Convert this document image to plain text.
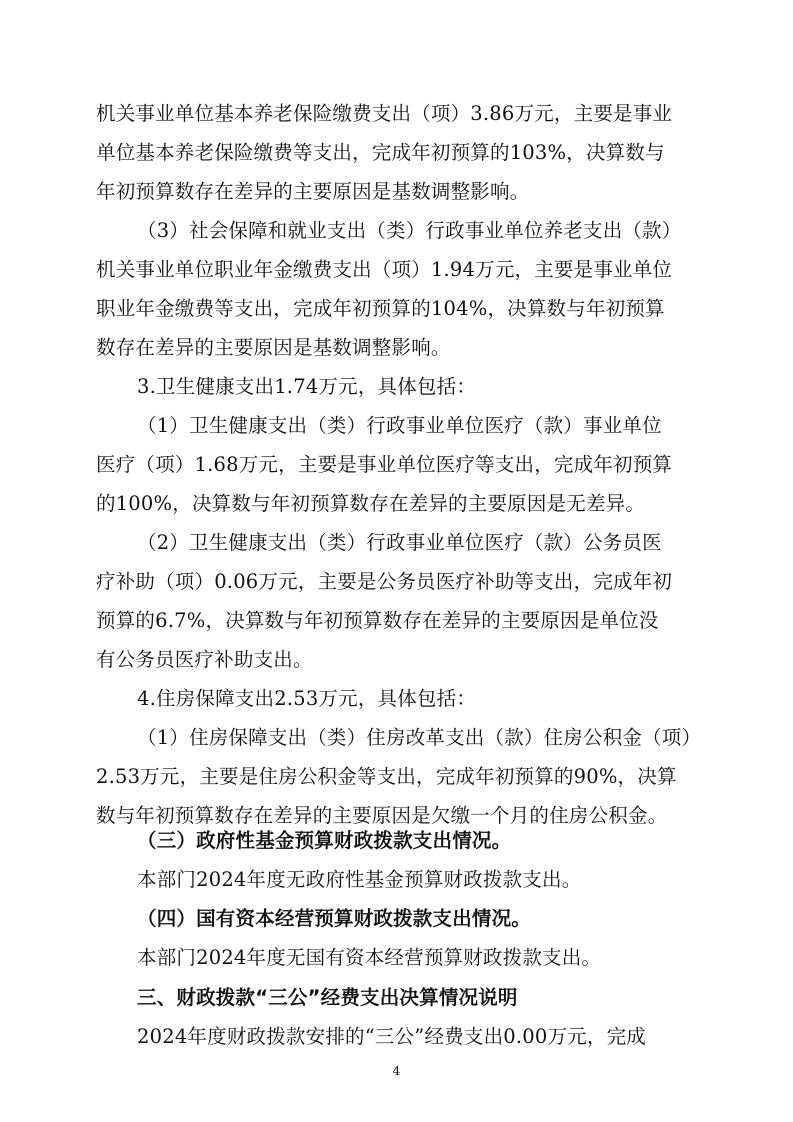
机关事业单位基本养老保险缴费支出（项）3.86万元，主要是事业
单位基本养老保险缴费等支出，完成年初预算的103%，决算数与
年初预算数存在差异的主要原因是基数调整影响。
（3）社会保障和就业支出（类）行政事业单位养老支出（款）
机关事业单位职业年金缴费支出（项）1.94万元，主要是事业单位
职业年金缴费等支出，完成年初预算的104%，决算数与年初预算
数存在差异的主要原因是基数调整影响。
3.卫生健康支出1.74万元，具体包括：
（1）卫生健康支出（类）行政事业单位医疗（款）事业单位
医疗（项）1.68万元，主要是事业单位医疗等支出，完成年初预算
的100%，决算数与年初预算数存在差异的主要原因是无差异。
（2）卫生健康支出（类）行政事业单位医疗（款）公务员医
疗补助（项）0.06万元，主要是公务员医疗补助等支出，完成年初
预算的6.7%，决算数与年初预算数存在差异的主要原因是单位没
有公务员医疗补助支出。
4.住房保障支出2.53万元，具体包括：
（1）住房保障支出（类）住房改革支出（款）住房公积金（项）
2.53万元，主要是住房公积金等支出，完成年初预算的90%，决算
数与年初预算数存在差异的主要原因是欠缴一个月的住房公积金。
（三）政府性基金预算财政拨款支出情况。
本部门2024年度无政府性基金预算财政拨款支出。
（四）国有资本经营预算财政拨款支出情况。
本部门2024年度无国有资本经营预算财政拨款支出。
4
三、财政拨款“三公”经费支出决算情况说明
2024年度财政拨款安排的“三公”经费支出0.00万元，完成
